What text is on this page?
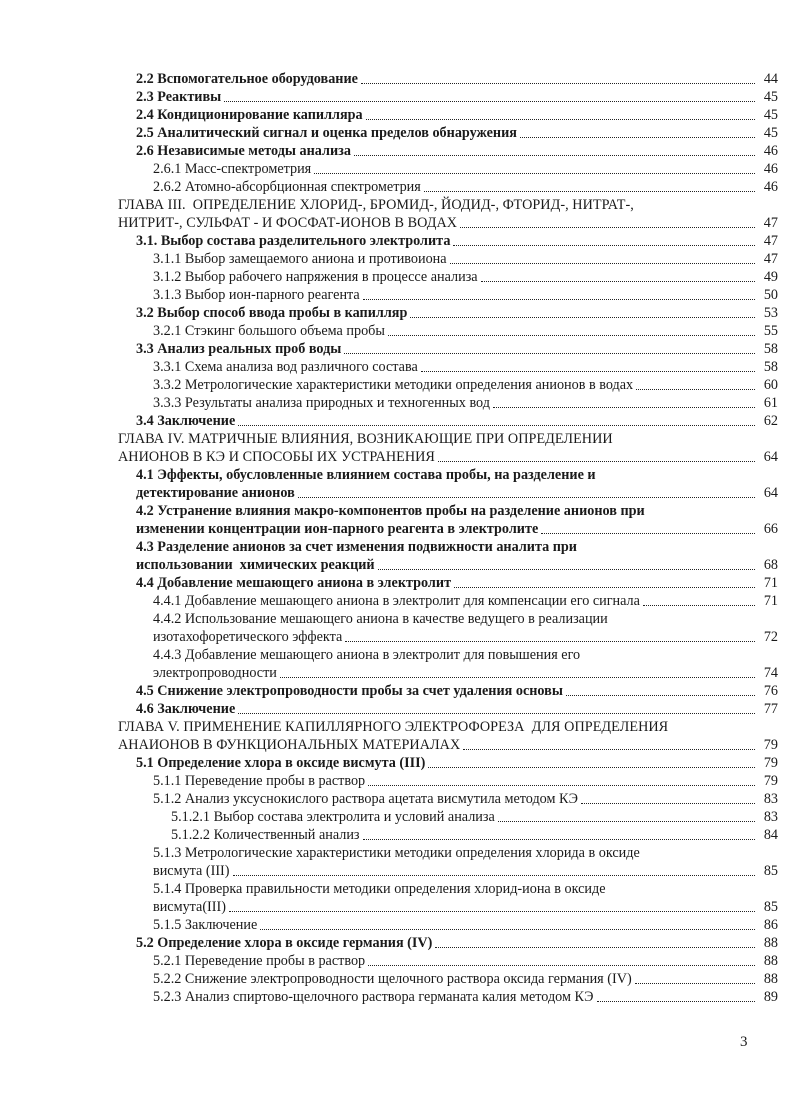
2.2 Вспомогательное оборудование	44
2.3 Реактивы	45
2.4 Кондиционирование капилляра	45
2.5 Аналитический сигнал и оценка пределов обнаружения	45
2.6 Независимые методы анализа	46
2.6.1 Масс-спектрометрия	46
2.6.2 Атомно-абсорбционная спектрометрия	46
ГЛАВА III.  ОПРЕДЕЛЕНИЕ ХЛОРИД-, БРОМИД-, ЙОДИД-, ФТОРИД-, НИТРАТ-,
НИТРИТ-, СУЛЬФАТ - И ФОСФАТ-ИОНОВ В ВОДАХ	47
3.1. Выбор состава разделительного электролита	47
3.1.1 Выбор замещаемого аниона и противоиона	47
3.1.2 Выбор рабочего напряжения в процессе анализа	49
3.1.3 Выбор ион-парного реагента	50
3.2 Выбор способ ввода пробы в капилляр	53
3.2.1 Стэкинг большого объема пробы	55
3.3 Анализ реальных проб воды	58
3.3.1 Схема анализа вод различного состава	58
3.3.2 Метрологические характеристики методики определения анионов в водах	60
3.3.3 Результаты анализа природных и техногенных вод	61
3.4 Заключение	62
ГЛАВА IV. МАТРИЧНЫЕ ВЛИЯНИЯ, ВОЗНИКАЮЩИЕ ПРИ ОПРЕДЕЛЕНИИ
АНИОНОВ В КЭ И СПОСОБЫ ИХ УСТРАНЕНИЯ	64
4.1 Эффекты, обусловленные влиянием состава пробы, на разделение и
детектирование анионов	64
4.2 Устранение влияния макро-компонентов пробы на разделение анионов при
изменении концентрации ион-парного реагента в электролите	66
4.3 Разделение анионов за счет изменения подвижности аналита при
использовании  химических реакций	68
4.4 Добавление мешающего аниона в электролит	71
4.4.1 Добавление мешающего аниона в электролит для компенсации его сигнала	71
4.4.2 Использование мешающего аниона в качестве ведущего в реализации
изотахофоретического эффекта	72
4.4.3 Добавление мешающего аниона в электролит для повышения его
электропроводности	74
4.5 Снижение электропроводности пробы за счет удаления основы	76
4.6 Заключение	77
ГЛАВА V. ПРИМЕНЕНИЕ КАПИЛЛЯРНОГО ЭЛЕКТРОФОРЕЗА  ДЛЯ ОПРЕДЕЛЕНИЯ
АНАИОНОВ В ФУНКЦИОНАЛЬНЫХ МАТЕРИАЛАХ	79
5.1 Определение хлора в оксиде висмута (III)	79
5.1.1 Переведение пробы в раствор	79
5.1.2 Анализ уксуснокислого раствора ацетата висмутила методом КЭ	83
5.1.2.1 Выбор состава электролита и условий анализа	83
5.1.2.2 Количественный анализ	84
5.1.3 Метрологические характеристики методики определения хлорида в оксиде
висмута (III)	85
5.1.4 Проверка правильности методики определения хлорид-иона в оксиде
висмута(III)	85
5.1.5 Заключение	86
5.2 Определение хлора в оксиде германия (IV)	88
5.2.1 Переведение пробы в раствор	88
5.2.2 Снижение электропроводности щелочного раствора оксида германия (IV)	88
5.2.3 Анализ спиртово-щелочного раствора германата калия методом КЭ	89
3
